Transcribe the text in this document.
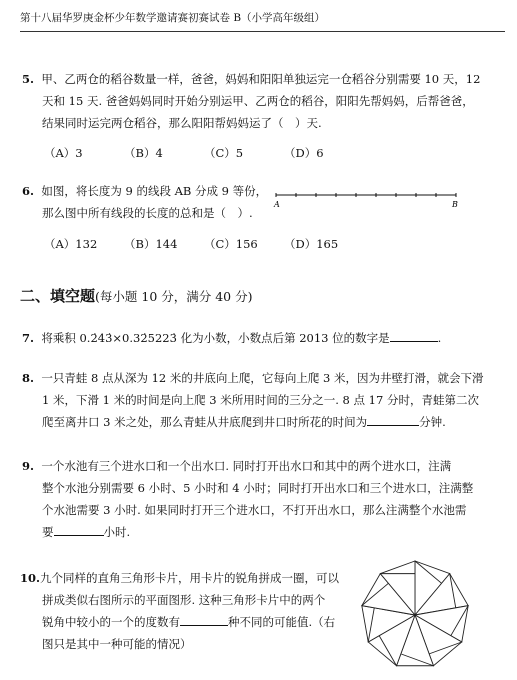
第十八届华罗庚金杯少年数学邀请赛初赛试卷 B（小学高年级组）
5. 甲、乙两仓的稻谷数量一样，爸爸，妈妈和阳阳单独运完一仓稻谷分别需要 10 天，12
天和 15 天. 爸爸妈妈同时开始分别运甲、乙两仓的稻谷，阳阳先帮妈妈，后帮爸爸，
结果同时运完两仓稻谷，那么阳阳帮妈妈运了（　）天.
（A）3	（B）4	（C）5	（D）6
6. 如图，将长度为 9 的线段 AB 分成 9 等份，
那么图中所有线段的长度的总和是（　）.
A	B
（A）132 （B）144 （C）156 （D）165
二、填空题(每小题 10 分，满分 40 分)
7. 将乘积 0.2̇43̇×0.32̇5223̇ 化为小数，小数点后第 2013 位的数字是	.
8. 一只青蛙 8 点从深为 12 米的井底向上爬，它每向上爬 3 米，因为井壁打滑，就会下滑
1 米，下滑 1 米的时间是向上爬 3 米所用时间的三分之一. 8 点 17 分时，青蛙第二次
爬至离井口 3 米之处，那么青蛙从井底爬到井口时所花的时间为	分钟.
9. 一个水池有三个进水口和一个出水口. 同时打开出水口和其中的两个进水口，注满
整个水池分别需要 6 小时、5 小时和 4 小时；同时打开出水口和三个进水口，注满整
个水池需要 3 小时. 如果同时打开三个进水口，不打开出水口，那么注满整个水池需
要	小时.
10.九个同样的直角三角形卡片，用卡片的锐角拼成一圈，可以
拼成类似右图所示的平面图形. 这种三角形卡片中的两个
锐角中较小的一个的度数有	种不同的可能值.（右
图只是其中一种可能的情况）
